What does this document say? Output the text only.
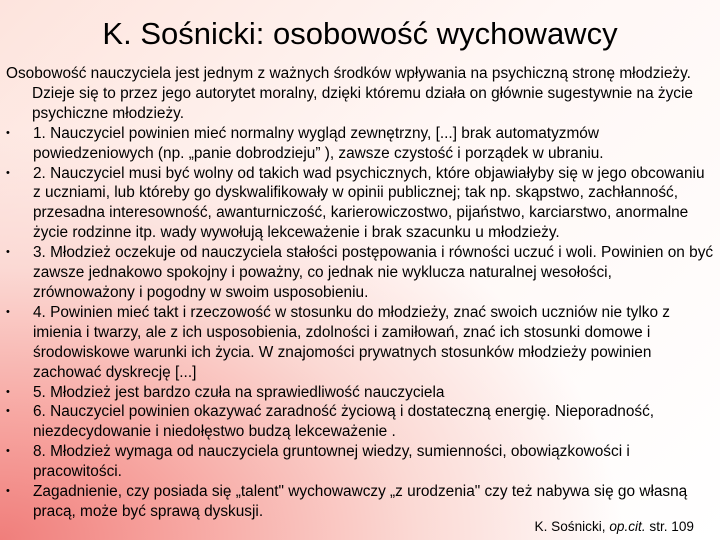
K. Sośnicki: osobowość wychowawcy

Osobowość nauczyciela jest jednym z ważnych środków wpływania na psychiczną stronę młodzieży. Dzieje się to przez jego autorytet moralny, dzięki któremu działa on głównie sugestywnie na życie psychiczne młodzieży.

•	1. Nauczyciel powinien mieć normalny wygląd zewnętrzny, [...] brak automatyzmów powiedzeniowych (np. „panie dobrodzieju” ), zawsze czystość i porządek w ubraniu.
•	2. Nauczyciel musi być wolny od takich wad psychicznych, które objawiałyby się w jego obcowaniu z uczniami, lub któreby go dyskwalifikowały w opinii publicznej; tak np. skąpstwo, zachłanność, przesadna interesowność, awanturniczość, karierowiczostwo, pijaństwo, karciarstwo, anormalne życie rodzinne itp. wady wywołują lekceważenie i brak szacunku u młodzieży.
•	3. Młodzież oczekuje od nauczyciela stałości postępowania i równości uczuć i woli. Powinien on być zawsze jednakowo spokojny i poważny, co jednak nie wyklucza naturalnej wesołości, zrównoważony i pogodny w swoim usposobieniu.
•	4. Powinien mieć takt i rzeczowość w stosunku do młodzieży, znać swoich uczniów nie tylko z imienia i twarzy, ale z ich usposobienia, zdolności i zamiłowań, znać ich stosunki domowe i środowiskowe warunki ich życia. W znajomości prywatnych stosunków młodzieży powinien zachować dyskrecję [...]
•	5. Młodzież jest bardzo czuła na sprawiedliwość nauczyciela
•	6. Nauczyciel powinien okazywać zaradność życiową i dostateczną energię. Nieporadność, niezdecydowanie i niedołęstwo budzą lekceważenie .
•	8. Młodzież wymaga od nauczyciela gruntownej wiedzy, sumienności, obowiązkowości i pracowitości.
•	Zagadnienie, czy posiada się „talent" wychowawczy „z urodzenia" czy też nabywa się go własną pracą, może być sprawą dyskusji.
K. Sośnicki, op.cit. str. 109
